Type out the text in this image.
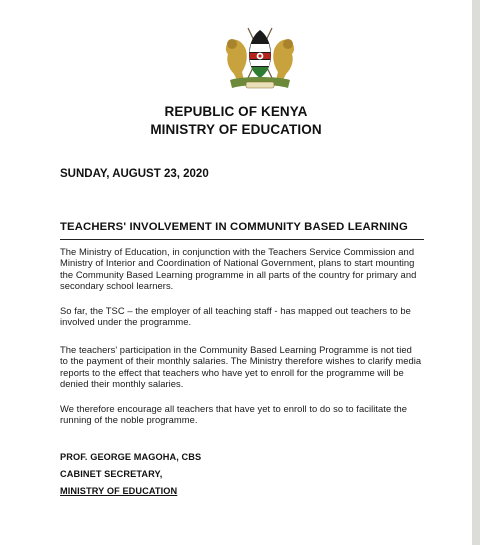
REPUBLIC OF KENYA
MINISTRY OF EDUCATION
SUNDAY, AUGUST 23, 2020
TEACHERS' INVOLVEMENT IN COMMUNITY BASED LEARNING
The Ministry of Education, in conjunction with the Teachers Service Commission and
Ministry of Interior and Coordination of National Government, plans to start mounting
the Community Based Learning programme in all parts of the country for primary and
secondary school learners.
So far, the TSC – the employer of all teaching staff - has mapped out teachers to be
involved under the programme.
The teachers' participation in the Community Based Learning Programme is not tied
to the payment of their monthly salaries. The Ministry therefore wishes to clarify media
reports to the effect that teachers who have yet to enroll for the programme will be
denied their monthly salaries.
We therefore encourage all teachers that have yet to enroll to do so to facilitate the
running of the noble programme.
PROF. GEORGE MAGOHA, CBS
CABINET SECRETARY,
MINISTRY OF EDUCATION
